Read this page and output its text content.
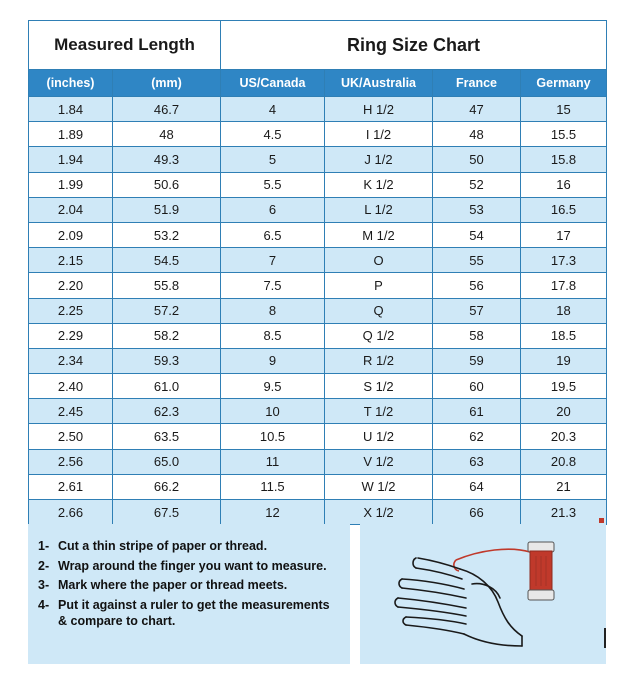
Measured Length		Ring Size Chart			
(inches)	(mm)	US/Canada	UK/Australia	France	Germany
1.84	46.7	4	H 1/2	47	15
1.89	48	4.5	I 1/2	48	15.5
1.94	49.3	5	J 1/2	50	15.8
1.99	50.6	5.5	K 1/2	52	16
2.04	51.9	6	L 1/2	53	16.5
2.09	53.2	6.5	M 1/2	54	17
2.15	54.5	7	O	55	17.3
2.20	55.8	7.5	P	56	17.8
2.25	57.2	8	Q	57	18
2.29	58.2	8.5	Q 1/2	58	18.5
2.34	59.3	9	R 1/2	59	19
2.40	61.0	9.5	S 1/2	60	19.5
2.45	62.3	10	T 1/2	61	20
2.50	63.5	10.5	U 1/2	62	20.3
2.56	65.0	11	V 1/2	63	20.8
2.61	66.2	11.5	W 1/2	64	21
2.66	67.5	12	X 1/2	66	21.3
1- Cut a thin stripe of paper or thread.
2- Wrap around the finger you want to measure.
3- Mark where the paper or thread meets.
4- Put it against a ruler to get the measurements & compare to chart.
